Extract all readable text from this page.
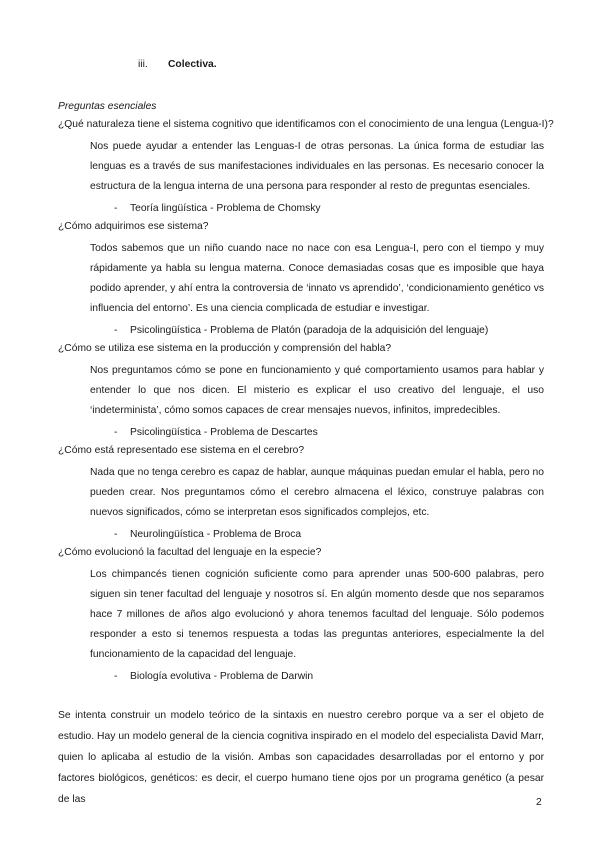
iii. Colectiva.
Preguntas esenciales

¿Qué naturaleza tiene el sistema cognitivo que identificamos con el conocimiento de una lengua (Lengua-I)?

Nos puede ayudar a entender las Lenguas-I de otras personas. La única forma de estudiar las lenguas es a través de sus manifestaciones individuales en las personas. Es necesario conocer la estructura de la lengua interna de una persona para responder al resto de preguntas esenciales.
- Teoría lingüística - Problema de Chomsky

¿Cómo adquirimos ese sistema?

Todos sabemos que un niño cuando nace no nace con esa Lengua-I, pero con el tiempo y muy rápidamente ya habla su lengua materna. Conoce demasiadas cosas que es imposible que haya podido aprender, y ahí entra la controversia de ‘innato vs aprendido’, ‘condicionamiento genético vs influencia del entorno’. Es una ciencia complicada de estudiar e investigar.
- Psicolingüística - Problema de Platón (paradoja de la adquisición del lenguaje)

¿Cómo se utiliza ese sistema en la producción y comprensión del habla?

Nos preguntamos cómo se pone en funcionamiento y qué comportamiento usamos para hablar y entender lo que nos dicen. El misterio es explicar el uso creativo del lenguaje, el uso ‘indeterminista’, cómo somos capaces de crear mensajes nuevos, infinitos, impredecibles.
- Psicolingüística - Problema de Descartes

¿Cómo está representado ese sistema en el cerebro?

Nada que no tenga cerebro es capaz de hablar, aunque máquinas puedan emular el habla, pero no pueden crear. Nos preguntamos cómo el cerebro almacena el léxico, construye palabras con nuevos significados, cómo se interpretan esos significados complejos, etc.
- Neurolingüística - Problema de Broca

¿Cómo evolucionó la facultad del lenguaje en la especie?

Los chimpancés tienen cognición suficiente como para aprender unas 500-600 palabras, pero siguen sin tener facultad del lenguaje y nosotros sí. En algún momento desde que nos separamos hace 7 millones de años algo evolucionó y ahora tenemos facultad del lenguaje. Sólo podemos responder a esto si tenemos respuesta a todas las preguntas anteriores, especialmente la del funcionamiento de la capacidad del lenguaje.
- Biología evolutiva - Problema de Darwin
Se intenta construir un modelo teórico de la sintaxis en nuestro cerebro porque va a ser el objeto de estudio. Hay un modelo general de la ciencia cognitiva inspirado en el modelo del especialista David Marr, quien lo aplicaba al estudio de la visión. Ambas son capacidades desarrolladas por el entorno y por factores biológicos, genéticos: es decir, el cuerpo humano tiene ojos por un programa genético (a pesar de las	2
